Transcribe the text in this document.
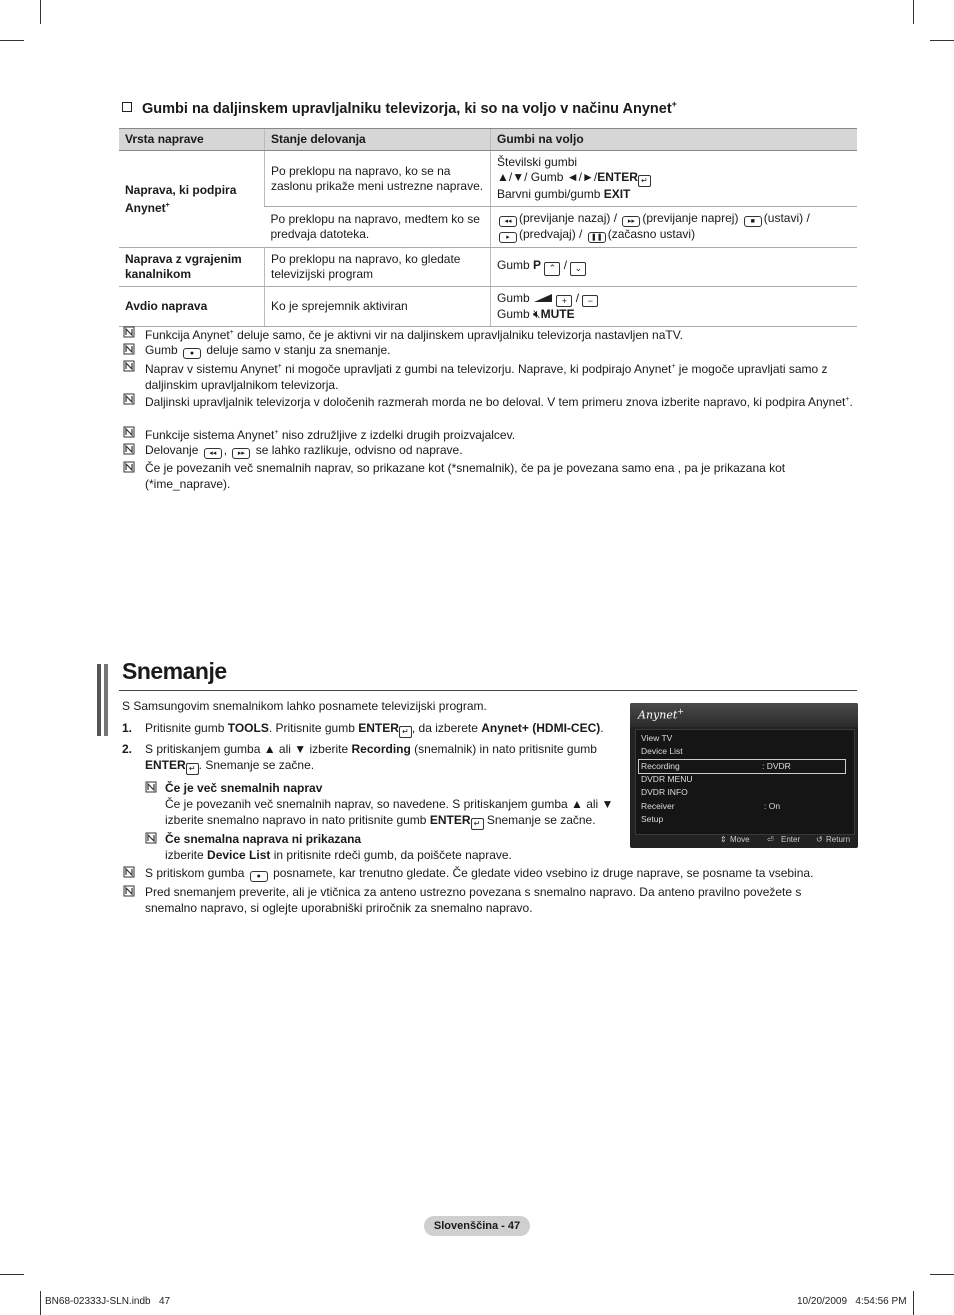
Gumbi na daljinskem upravljalniku televizorja, ki so na voljo v načinu Anynet+
Vrsta naprave	Stanje delovanja	Gumbi na voljo
Naprava, ki podpira Anynet+	Po preklopu na napravo, ko se na zaslonu prikaže meni ustrezne naprave.	Številski gumbi
▲/▼/ Gumb ◄/►/ENTER ↵
Barvni gumbi/gumb EXIT

	Po preklopu na napravo, medtem ko se predvaja datoteka.	◂◂ (previjanje nazaj) / ▸▸ (previjanje naprej) ■ (ustavi) /
▸ (predvajaj) / ❚❚ (začasno ustavi)
Naprava z vgrajenim kanalnikom	Po preklopu na napravo, ko gledate televizijski program	Gumb P ⌃ / ⌄
Avdio naprava	Ko je sprejemnik aktiviran	Gumb + / −
Gumb 🔇︎MUTE
Funkcija Anynet+ deluje samo, če je aktivni vir na daljinskem upravljalniku televizorja nastavljen naTV.
Gumb ● deluje samo v stanju za snemanje.
Naprav v sistemu Anynet+ ni mogoče upravljati z gumbi na televizorju. Naprave, ki podpirajo Anynet+ je mogoče upravljati samo z daljinskim upravljalnikom televizorja.
Daljinski upravljalnik televizorja v določenih razmerah morda ne bo deloval. V tem primeru znova izberite napravo, ki podpira Anynet+.
Funkcije sistema Anynet+ niso združljive z izdelki drugih proizvajalcev.
Delovanje ◂◂ , ▸▸ se lahko razlikuje, odvisno od naprave.
Če je povezanih več snemalnih naprav, so prikazane kot (*snemalnik), če pa je povezana samo ena , pa je prikazana kot (*ime_naprave).
Snemanje
S Samsungovim snemalnikom lahko posnamete televizijski program.
1. Pritisnite gumb TOOLS. Pritisnite gumb ENTER ↵ , da izberete Anynet+ (HDMI-CEC).
2. S pritiskanjem gumba ▲ ali ▼ izberite Recording (snemalnik) in nato pritisnite gumb ENTER ↵ . Snemanje se začne.
Če je več snemalnih naprav
Če je povezanih več snemalnih naprav, so navedene. S pritiskanjem gumba ▲ ali ▼ izberite snemalno napravo in nato pritisnite gumb ENTER ↵ Snemanje se začne.
Če snemalna naprava ni prikazana
izberite Device List in pritisnite rdeči gumb, da poiščete naprave.
S pritiskom gumba ● posnamete, kar trenutno gledate. Če gledate video vsebino iz druge naprave, se posname ta vsebina.
Pred snemanjem preverite, ali je vtičnica za anteno ustrezno povezana s snemalno napravo. Da anteno pravilno povežete s snemalno napravo, si oglejte uporabniški priročnik za snemalno napravo.
Anynet+
View TV
Device List
Recording	: DVDR
DVDR MENU
DVDR INFO
Receiver	: On
Setup
⇕ Move ⏎ Enter ↺ Return
Slovenščina - 47
BN68-02333J-SLN.indb   47	10/20/2009   4:54:56 PM
